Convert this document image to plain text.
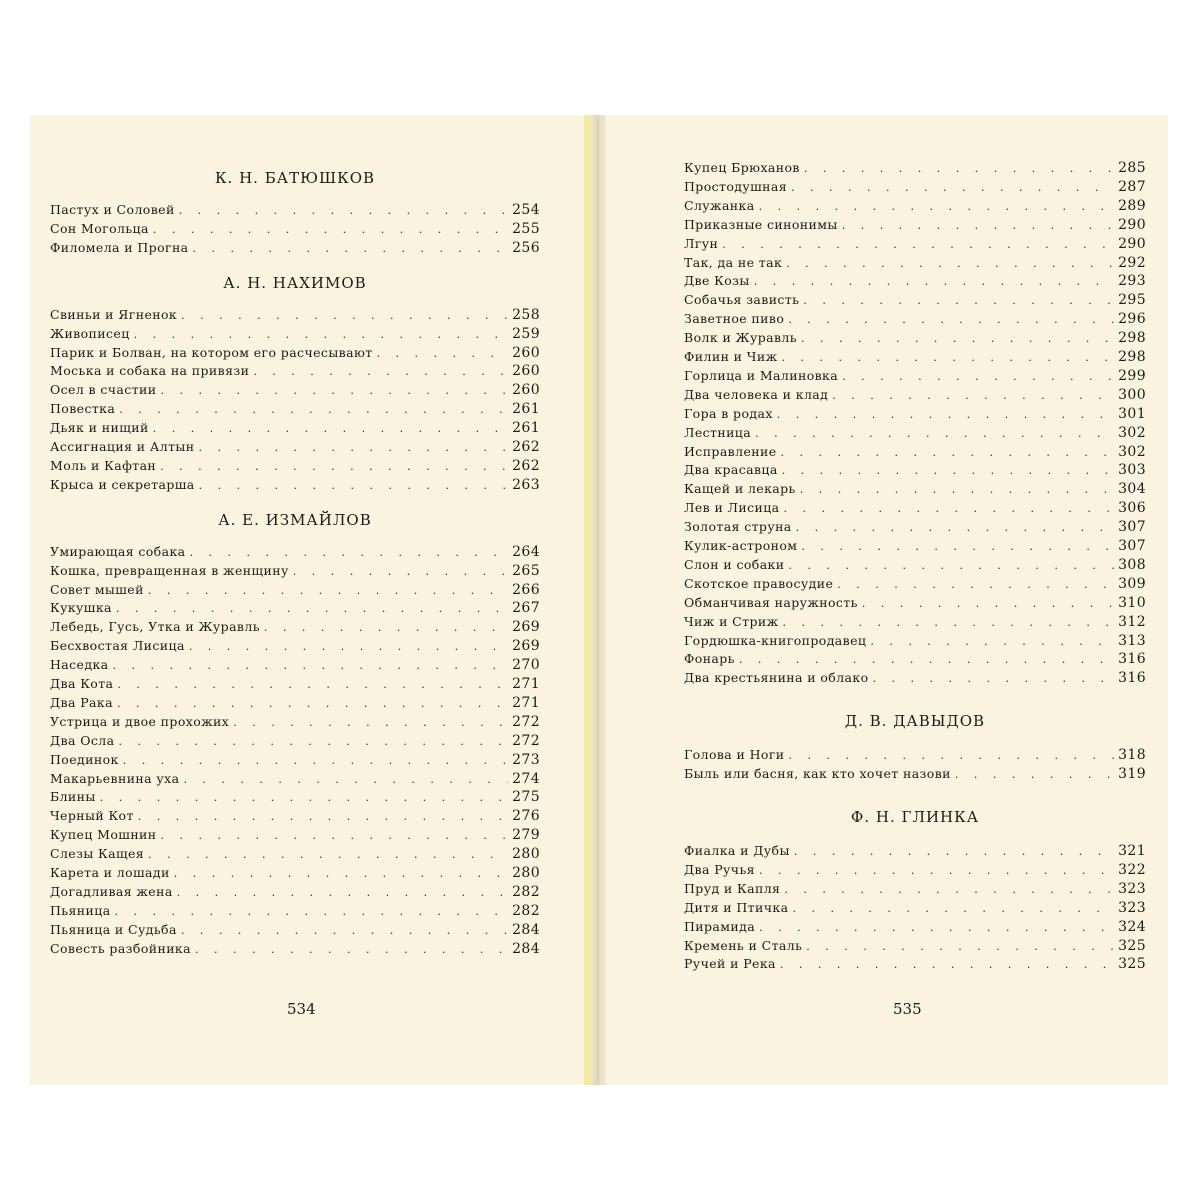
К. Н. БАТЮШКОВ
Пастух и Соловей . . .	254
Сон Могольца . . .	255
Филомела и Прогна . . .	256
А. Н. НАХИМОВ
Свиньи и Ягненок . . .	258
Живописец . . .	259
Парик и Болван, на котором его расчесывают . . .	260
Моська и собака на привязи . . .	260
Осел в счастии . . .	260
Повестка . . .	261
Дьяк и нищий . . .	261
Ассигнация и Алтын . . .	262
Моль и Кафтан . . .	262
Крыса и секретарша . . .	263
А. Е. ИЗМАЙЛОВ
Умирающая собака . . .	264
Кошка, превращенная в женщину . . .	265
Совет мышей . . .	266
Кукушка . . .	267
Лебедь, Гусь, Утка и Журавль . . .	269
Бесхвостая Лисица . . .	269
Наседка . . .	270
Два Кота . . .	271
Два Рака . . .	271
Устрица и двое прохожих . . .	272
Два Осла . . .	272
Поединок . . .	273
Макарьевнина уха . . .	274
Блины . . .	275
Черный Кот . . .	276
Купец Мошнин . . .	279
Слезы Кащея . . .	280
Карета и лошади . . .	280
Догадливая жена . . .	282
Пьяница . . .	282
Пьяница и Судьба . . .	284
Совесть разбойника . . .	284
534
Купец Брюханов . . .	285
Простодушная . . .	287
Служанка . . .	289
Приказные синонимы . . .	290
Лгун . . .	290
Так, да не так . . .	292
Две Козы . . .	293
Собачья зависть . . .	295
Заветное пиво . . .	296
Волк и Журавль . . .	298
Филин и Чиж . . .	298
Горлица и Малиновка . . .	299
Два человека и клад . . .	300
Гора в родах . . .	301
Лестница . . .	302
Исправление . . .	302
Два красавца . . .	303
Кащей и лекарь . . .	304
Лев и Лисица . . .	306
Золотая струна . . .	307
Кулик-астроном . . .	307
Слон и собаки . . .	308
Скотское правосудие . . .	309
Обманчивая наружность . . .	310
Чиж и Стриж . . .	312
Гордюшка-книгопродавец . . .	313
Фонарь . . .	316
Два крестьянина и облако . . .	316
Д. В. ДАВЫДОВ
Голова и Ноги . . .	318
Быль или басня, как кто хочет назови . . .	319
Ф. Н. ГЛИНКА
Фиалка и Дубы . . .	321
Два Ручья . . .	322
Пруд и Капля . . .	323
Дитя и Птичка . . .	323
Пирамида . . .	324
Кремень и Сталь . . .	325
Ручей и Река . . .	325
535
